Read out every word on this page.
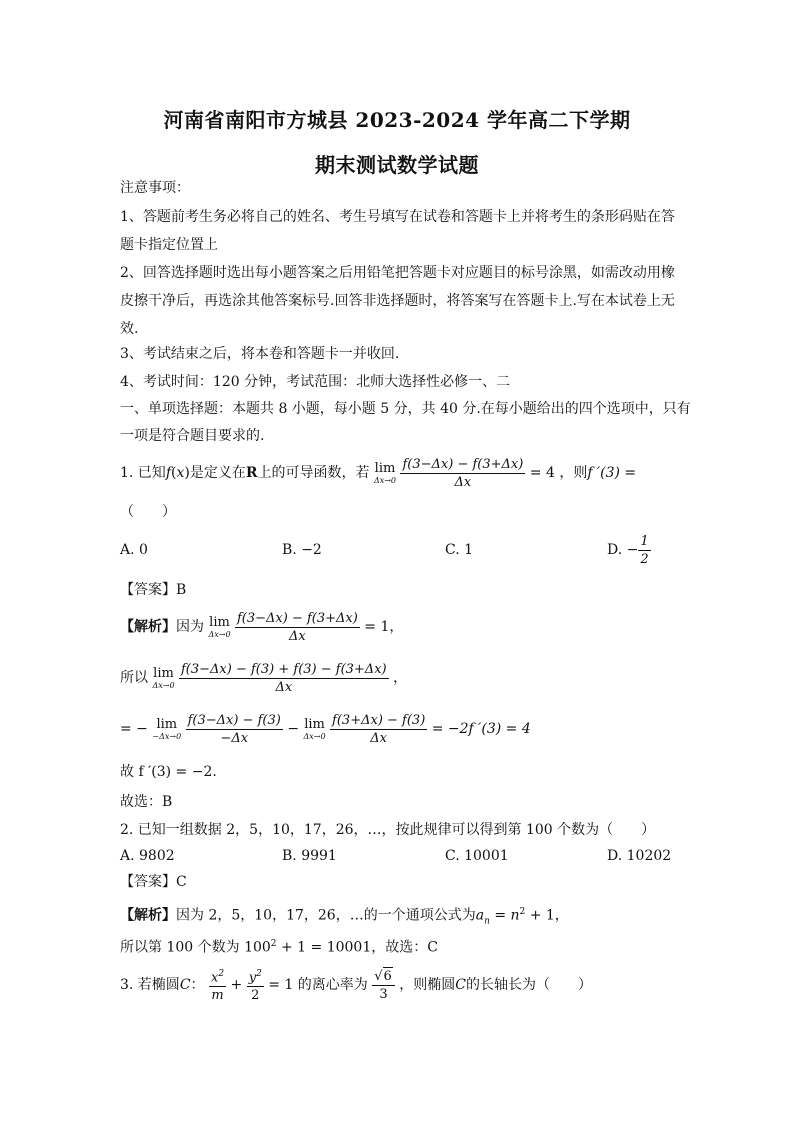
河南省南阳市方城县 2023-2024 学年高二下学期
期末测试数学试题
注意事项：
1、答题前考生务必将自己的姓名、考生号填写在试卷和答题卡上并将考生的条形码贴在答
题卡指定位置上
2、回答选择题时选出每小题答案之后用铅笔把答题卡对应题目的标号涂黑，如需改动用橡
皮擦干净后，再选涂其他答案标号.回答非选择题时，将答案写在答题卡上.写在本试卷上无
效.
3、考试结束之后，将本卷和答题卡一并收回.
4、考试时间：120 分钟，考试范围：北师大选择性必修一、二
一、单项选择题：本题共 8 小题，每小题 5 分，共 40 分.在每小题给出的四个选项中，只有
一项是符合题目要求的.
1. 已知f(x)是定义在R上的可导函数，若 lim
Δx→0
$\frac{f(3-\Delta x) - f(3+\Delta x)}{\Delta x} = 4$ ，则f ′(3) =
（　　）
A. 0	B. −2	C. 1	D. − $\frac{1}{2}$
【答案】B
【解析】因为 lim
Δx→0
$\frac{f(3-\Delta x) - f(3+\Delta x)}{\Delta x} = 1$，
所以 lim
Δx→0
$\frac{f(3-\Delta x) - f(3) + f(3) - f(3+\Delta x)}{\Delta x}$ ，
= − lim
−Δx→0
$\frac{f(3-\Delta x) - f(3)}{-\Delta x} - \lim$
Δx→0
$\frac{f(3+\Delta x) - f(3)}{\Delta x} = -2f$ ′(3) = 4
故 f ′(3) = −2.
故选：B
2. 已知一组数据 2，5，10，17，26，…，按此规律可以得到第 100 个数为（　　）
A. 9802	B. 9991	C. 10001	D. 10202
【答案】C
【解析】因为 2，5，10，17，26，…的一个通项公式为$a_n = n^2 + 1$，
所以第 100 个数为 $100^2 + 1 = 10001$，故选：C
3. 若椭圆C： $\frac{x^2}{m} + \frac{y^2}{2} = 1$ 的离心率为 $\frac{√6}{3}$ ，则椭圆C的长轴长为（　　）
